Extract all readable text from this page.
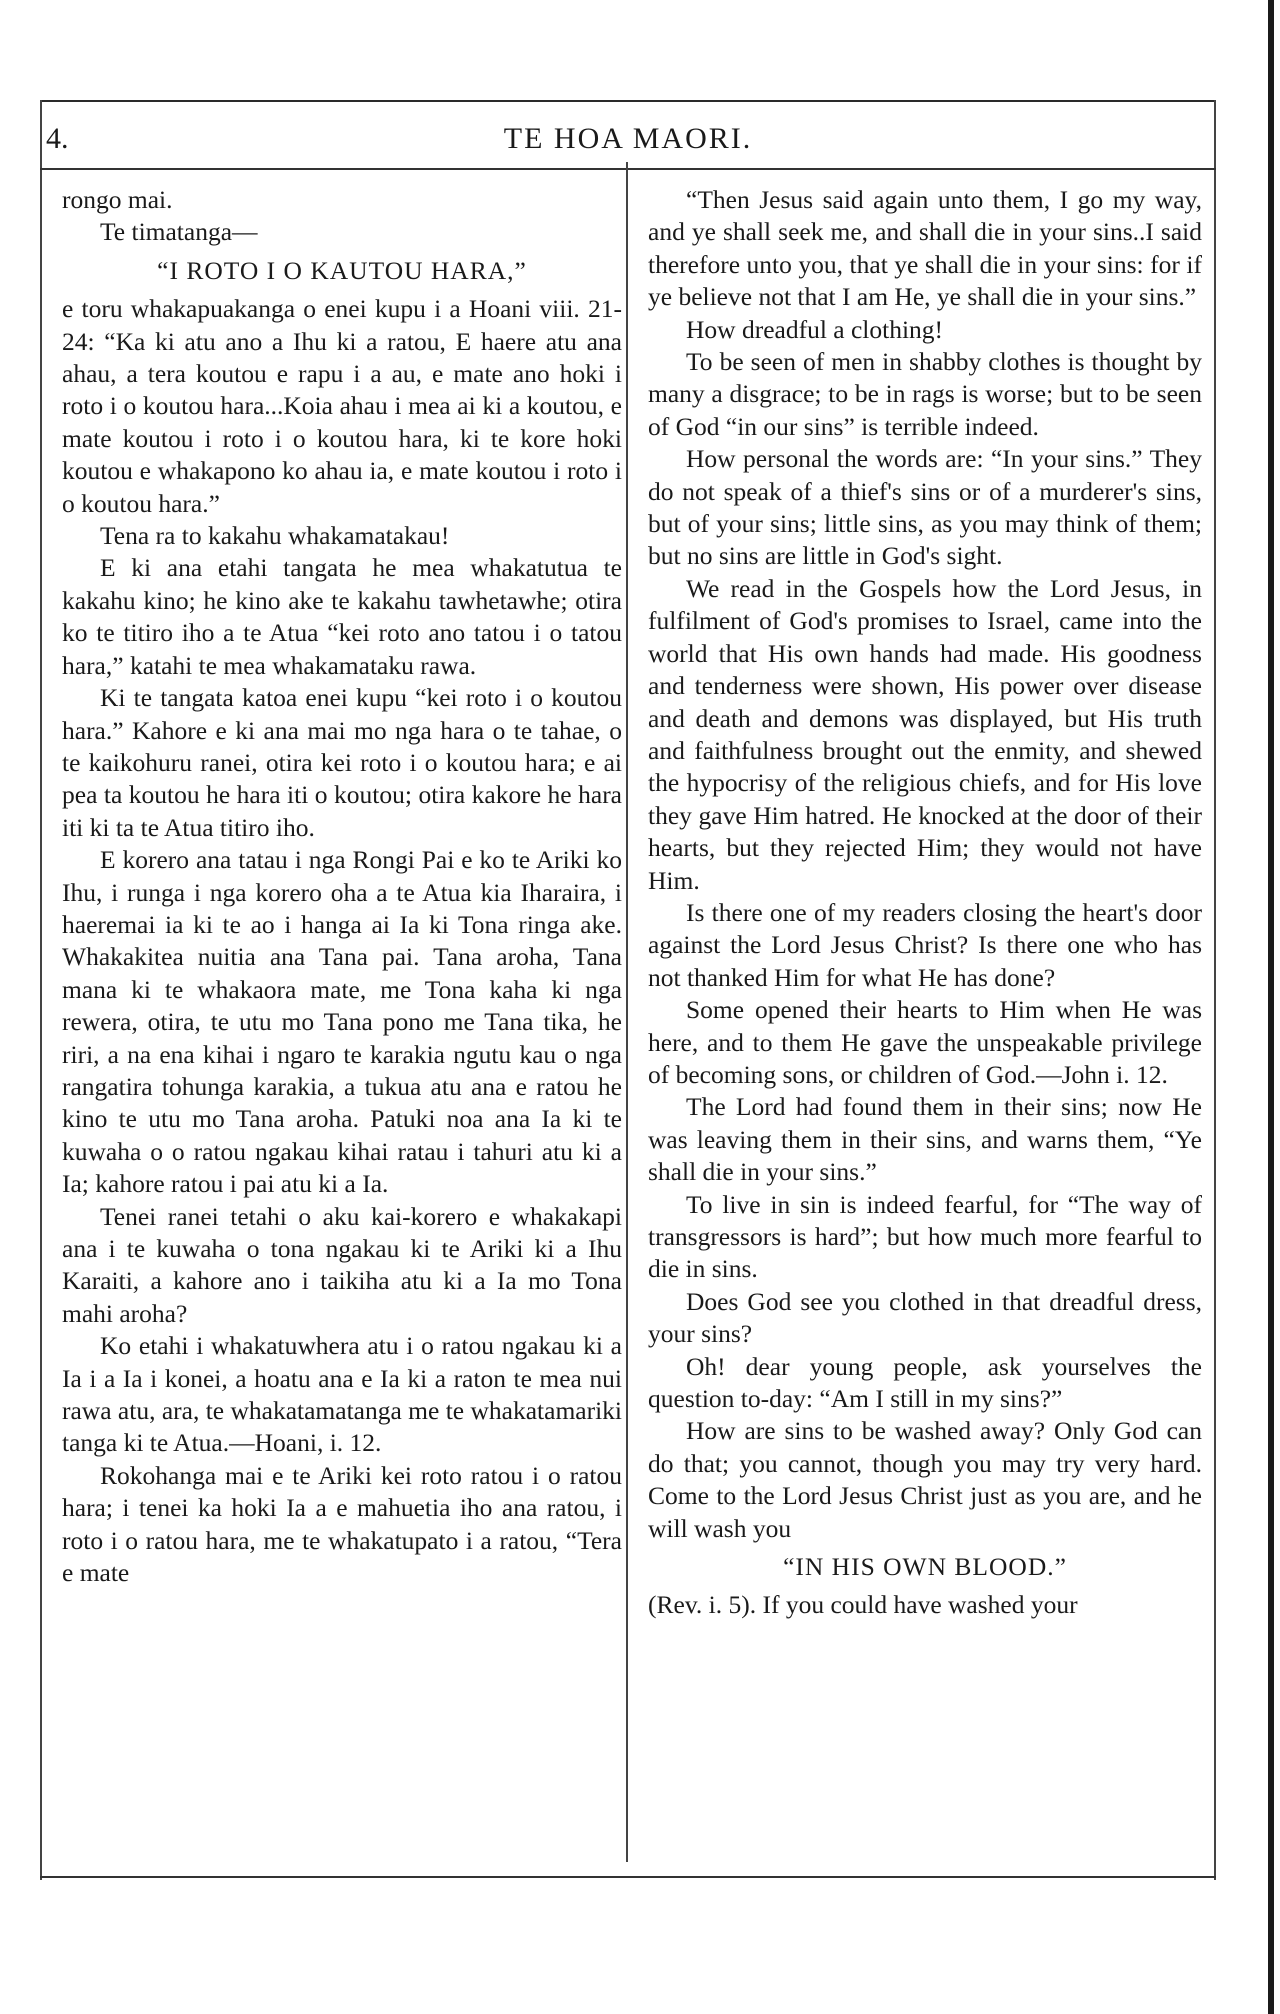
4.	TE HOA MAORI.

rongo mai.

Te timatanga—

“I ROTO I O KAUTOU HARA,”

e toru whakapuakanga o enei kupu i a Hoani viii. 21-24: “Ka ki atu ano a Ihu ki a ratou, E haere atu ana ahau, a tera koutou e rapu i a au, e mate ano hoki i roto i o koutou hara...Koia ahau i mea ai ki a koutou, e mate koutou i roto i o koutou hara, ki te kore hoki koutou e whakapono ko ahau ia, e mate koutou i roto i o koutou hara.”

Tena ra to kakahu whakamatakau!

E ki ana etahi tangata he mea whakatutua te kakahu kino; he kino ake te kakahu tawhetawhe; otira ko te titiro iho a te Atua “kei roto ano tatou i o tatou hara,” katahi te mea whakamataku rawa.

Ki te tangata katoa enei kupu “kei roto i o koutou hara.” Kahore e ki ana mai mo nga hara o te tahae, o te kaikohuru ranei, otira kei roto i o koutou hara; e ai pea ta koutou he hara iti o koutou; otira kakore he hara iti ki ta te Atua titiro iho.

E korero ana tatau i nga Rongi Pai e ko te Ariki ko Ihu, i runga i nga korero oha a te Atua kia Iharaira, i haeremai ia ki te ao i hanga ai Ia ki Tona ringa ake. Whakakitea nuitia ana Tana pai. Tana aroha, Tana mana ki te whakaora mate, me Tona kaha ki nga rewera, otira, te utu mo Tana pono me Tana tika, he riri, a na ena kihai i ngaro te karakia ngutu kau o nga rangatira tohunga karakia, a tukua atu ana e ratou he kino te utu mo Tana aroha. Patuki noa ana Ia ki te kuwaha o o ratou ngakau kihai ratau i tahuri atu ki a Ia; kahore ratou i pai atu ki a Ia.

Tenei ranei tetahi o aku kai-korero e whakakapi ana i te kuwaha o tona ngakau ki te Ariki ki a Ihu Karaiti, a kahore ano i taikiha atu ki a Ia mo Tona mahi aroha?

Ko etahi i whakatuwhera atu i o ratou ngakau ki a Ia i a Ia i konei, a hoatu ana e Ia ki a raton te mea nui rawa atu, ara, te whakatamatanga me te whakatamariki tanga ki te Atua.—Hoani, i. 12.

Rokohanga mai e te Ariki kei roto ratou i o ratou hara; i tenei ka hoki Ia a e mahuetia iho ana ratou, i roto i o ratou hara, me te whakatupato i a ratou, “Tera e mate

“Then Jesus said again unto them, I go my way, and ye shall seek me, and shall die in your sins..I said therefore unto you, that ye shall die in your sins: for if ye believe not that I am He, ye shall die in your sins.”

How dreadful a clothing!

To be seen of men in shabby clothes is thought by many a disgrace; to be in rags is worse; but to be seen of God “in our sins” is terrible indeed.

How personal the words are: “In your sins.” They do not speak of a thief's sins or of a murderer's sins, but of your sins; little sins, as you may think of them; but no sins are little in God's sight.

We read in the Gospels how the Lord Jesus, in fulfilment of God's promises to Israel, came into the world that His own hands had made. His goodness and tenderness were shown, His power over disease and death and demons was displayed, but His truth and faithfulness brought out the enmity, and shewed the hypocrisy of the religious chiefs, and for His love they gave Him hatred. He knocked at the door of their hearts, but they rejected Him; they would not have Him.

Is there one of my readers closing the heart's door against the Lord Jesus Christ? Is there one who has not thanked Him for what He has done?

Some opened their hearts to Him when He was here, and to them He gave the unspeakable privilege of becoming sons, or children of God.—John i. 12.

The Lord had found them in their sins; now He was leaving them in their sins, and warns them, “Ye shall die in your sins.”

To live in sin is indeed fearful, for “The way of transgressors is hard”; but how much more fearful to die in sins.

Does God see you clothed in that dreadful dress, your sins?

Oh! dear young people, ask yourselves the question to-day: “Am I still in my sins?”

How are sins to be washed away? Only God can do that; you cannot, though you may try very hard. Come to the Lord Jesus Christ just as you are, and he will wash you

“IN HIS OWN BLOOD.”

(Rev. i. 5). If you could have washed your
